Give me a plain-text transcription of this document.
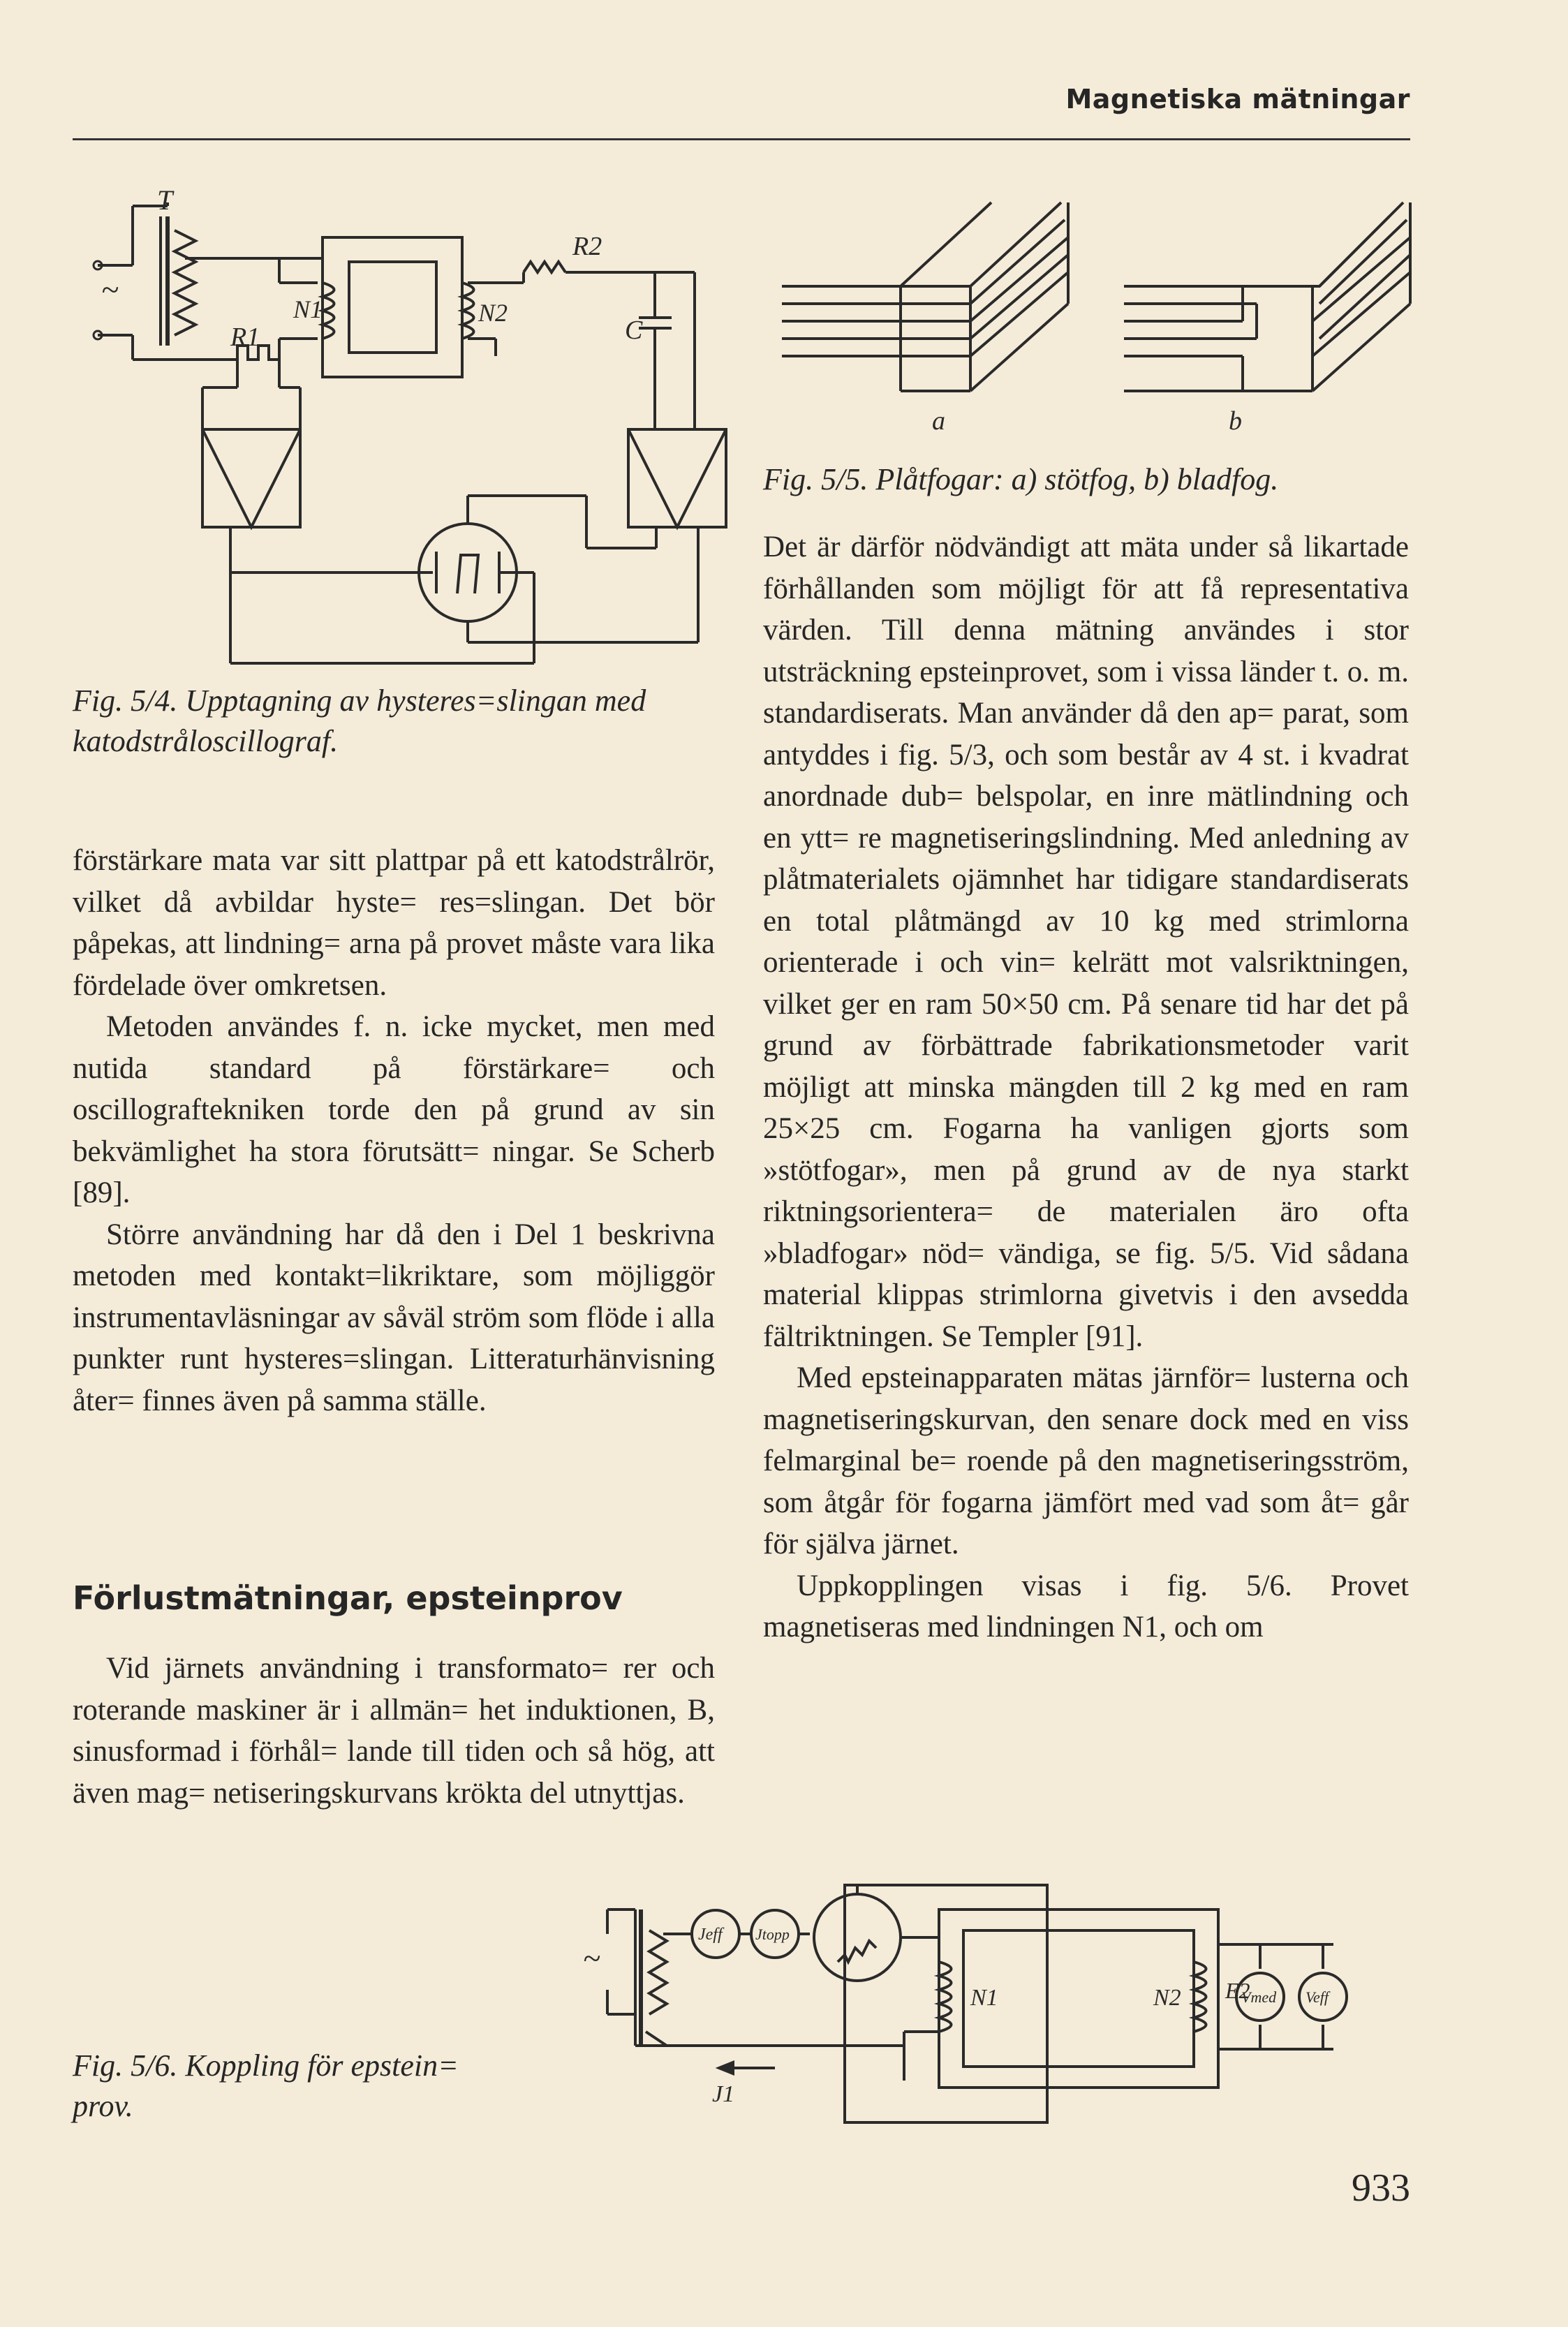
Magnetiska mätningar
~
T
R1
N1	N2
R2
C
Fig. 5/4. Upptagning av hysteres=slingan med katodstråloscillograf.
a	b
Fig. 5/5. Plåtfogar: a) stötfog, b) bladfog.

förstärkare mata var sitt plattpar på ett katodstrålrör, vilket då avbildar hyste= res=slingan. Det bör påpekas, att lindning= arna på provet måste vara lika fördelade över omkretsen.

Metoden användes f. n. icke mycket, men med nutida standard på förstärkare= och oscillograftekniken torde den på grund av sin bekvämlighet ha stora förutsätt= ningar. Se Scherb [89].

Större användning har då den i Del 1 beskrivna metoden med kontakt=likriktare, som möjliggör instrumentavläsningar av såväl ström som flöde i alla punkter runt hysteres=slingan. Litteraturhänvisning åter= finnes även på samma ställe.

Förlustmätningar, epsteinprov

Vid järnets användning i transformato= rer och roterande maskiner är i allmän= het induktionen, B, sinusformad i förhål= lande till tiden och så hög, att även mag= netiseringskurvans krökta del utnyttjas.

Det är därför nödvändigt att mäta under så likartade förhållanden som möjligt för att få representativa värden. Till denna mätning användes i stor utsträckning epsteinprovet, som i vissa länder t. o. m. standardiserats. Man använder då den ap= parat, som antyddes i fig. 5/3, och som består av 4 st. i kvadrat anordnade dub= belspolar, en inre mätlindning och en ytt= re magnetiseringslindning. Med anledning av plåtmaterialets ojämnhet har tidigare standardiserats en total plåtmängd av 10 kg med strimlorna orienterade i och vin= kelrätt mot valsriktningen, vilket ger en ram 50×50 cm. På senare tid har det på grund av förbättrade fabrikationsmetoder varit möjligt att minska mängden till 2 kg med en ram 25×25 cm. Fogarna ha vanligen gjorts som »stötfogar», men på grund av de nya starkt riktningsorientera= de materialen äro ofta »bladfogar» nöd= vändiga, se fig. 5/5. Vid sådana material klippas strimlorna givetvis i den avsedda fältriktningen. Se Templer [91].

Med epsteinapparaten mätas järnför= lusterna och magnetiseringskurvan, den senare dock med en viss felmarginal be= roende på den magnetiseringsström, som åtgår för fogarna jämfört med vad som åt= går för själva järnet.

Uppkopplingen visas i fig. 5/6. Provet magnetiseras med lindningen N1, och om

~
Jeff Jtopp
N1	N2 E2
Vmed Veff
J1
Fig. 5/6. Koppling för epstein= prov.
933
